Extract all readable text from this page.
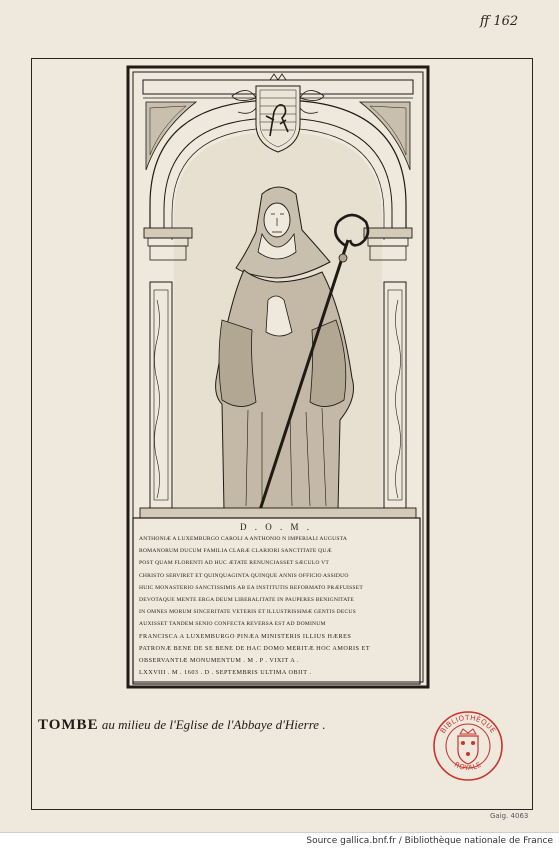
ff 162
D . O . M .
ANTHONIÆ A LUXEMBURGO CAROLI A ANTHONIO N IMPERIALI AUGUSTA
ROMANORUM DUCUM FAMILIA CLARÆ CLARIORI SANCTITATE QUÆ
POST QUAM FLORENTI AD HUC ÆTATE RENUNCIASSET SÆCULO VT
CHRISTO SERVIRET ET QUINQUAGINTA QUINQUE ANNIS OFFICIO ASSIDUO
HUIC MONASTERIO SANCTISSIMIS AB EA INSTITUTIS REFORMATO PRÆFUISSET
DEVOTAQUE MENTE ERGA DEUM LIBERALITATE IN PAUPERES BENIGNITATE
IN OMNES MORUM SINCERITATE VETERIS ET ILLUSTRISSIMÆ GENTIS DECUS
AUXISSET TANDEM SENIO CONFECTA REVERSA EST AD DOMINUM
FRANCISCA A LUXEMBURGO PINÆA MINISTERIS ILLIUS HÆRES
PATRONÆ BENE DE SE BENE DE HAC DOMO MERITÆ HOC AMORIS ET
OBSERVANTIÆ MONUMENTUM . M . P . VIXIT A .
LXXVIII . M . 1603 . D . SEPTEMBRIS ULTIMA OBIIT .
TOMBE au milieu de l'Eglise de l'Abbaye d'Hierre .	BIBLIOTHÈQUE
ROYALE
Gaig. 4063
Source gallica.bnf.fr / Bibliothèque nationale de France
